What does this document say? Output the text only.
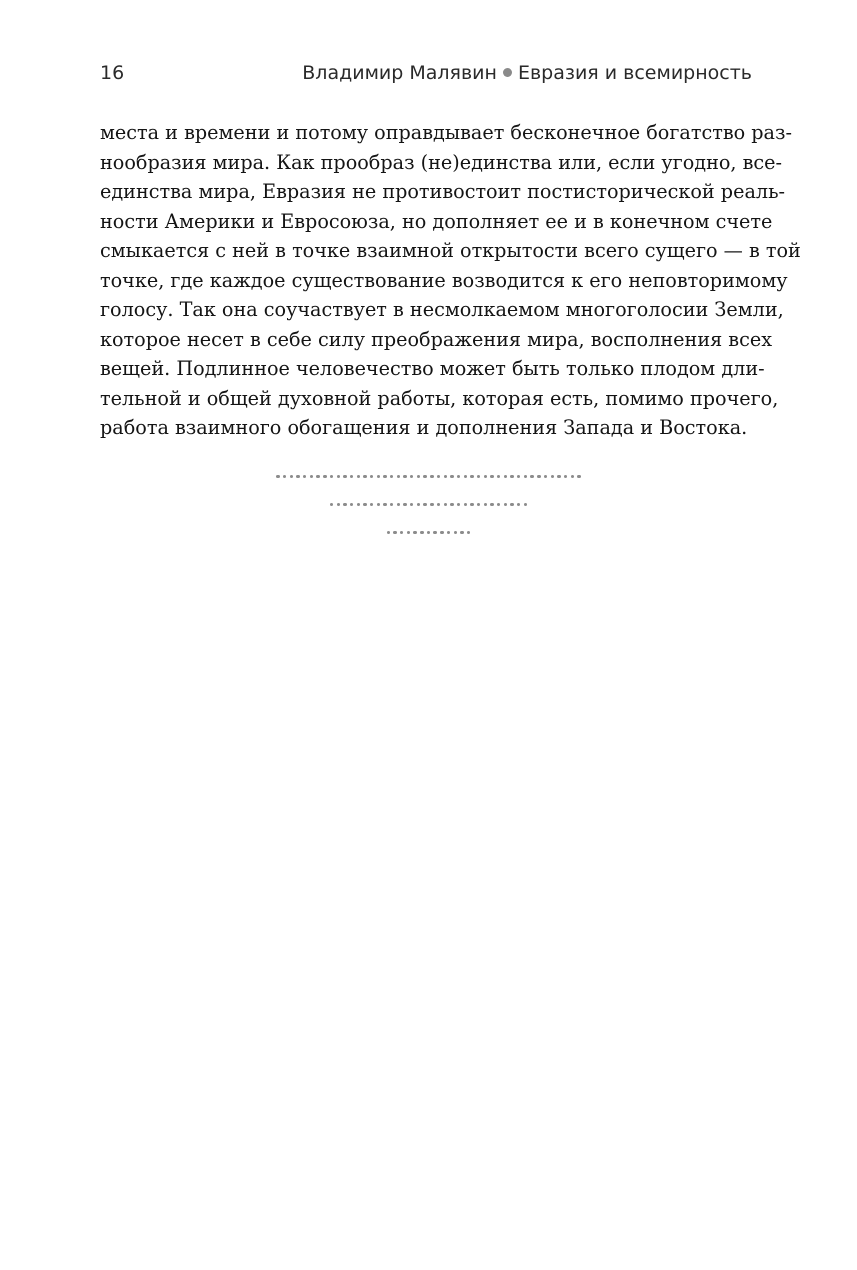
16	Владимир Малявин Евразия и всемирность
места и времени и потому оправдывает бесконечное богатство раз-
нообразия мира. Как прообраз (не)единства или, если угодно, все-
единства мира, Евразия не противостоит постисторической реаль-
ности Америки и Евросоюза, но дополняет ее и в конечном счете
смыкается с ней в точке взаимной открытости всего сущего — в той
точке, где каждое существование возводится к его неповторимому
голосу. Так она соучаствует в несмолкаемом многоголосии Земли,
которое несет в себе силу преображения мира, восполнения всех
вещей. Подлинное человечество может быть только плодом дли-
тельной и общей духовной работы, которая есть, помимо прочего,
работа взаимного обогащения и дополнения Запада и Востока.
